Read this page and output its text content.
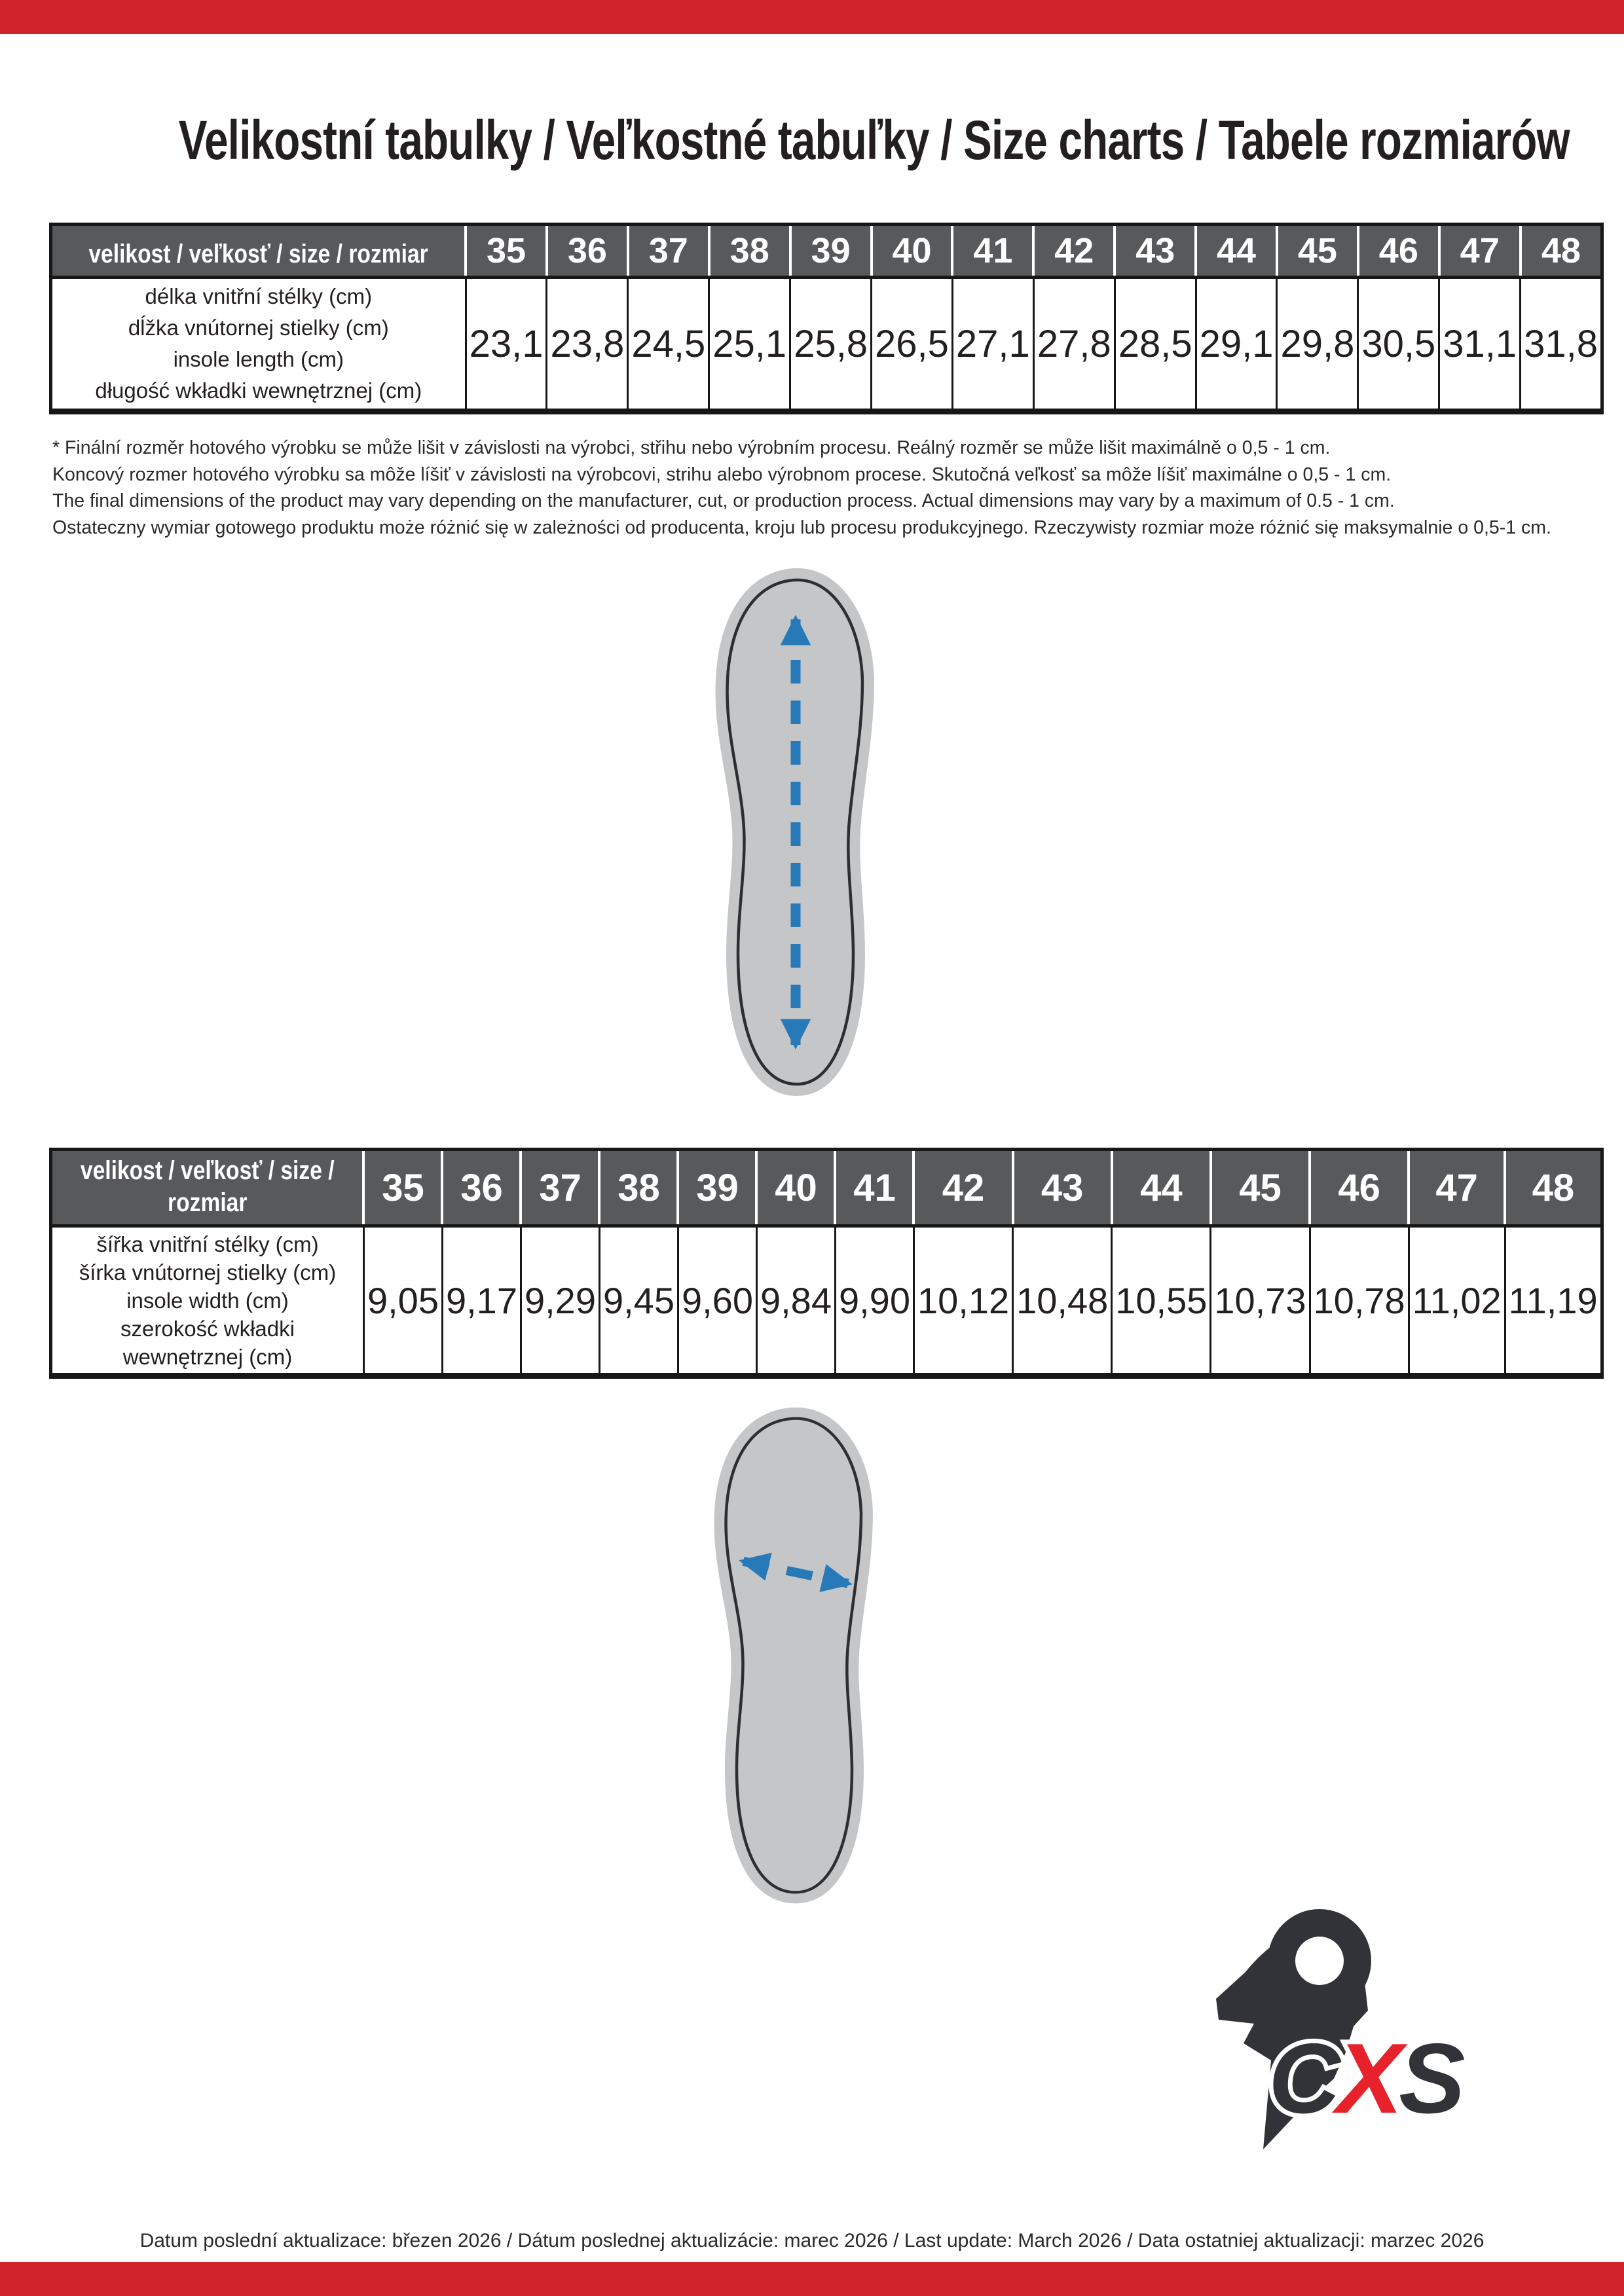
Velikostní tabulky / Veľkostné tabuľky / Size charts / Tabele rozmiarów
velikost / veľkosť / size / rozmiar	35	36	37	38	39	40	41	42	43	44	45	46	47	48

délka vnitřní stélky (cm)
dĺžka vnútornej stielky (cm)
insole length (cm)
długość wkładki wewnętrznej (cm)	23,1	23,8	24,5	25,1	25,8	26,5	27,1	27,8	28,5	29,1	29,8	30,5	31,1	31,8
* Finální rozměr hotového výrobku se může lišit v závislosti na výrobci, střihu nebo výrobním procesu. Reálný rozměr se může lišit maximálně o 0,5 - 1 cm.
Koncový rozmer hotového výrobku sa môže líšiť v závislosti na výrobcovi, strihu alebo výrobnom procese. Skutočná veľkosť sa môže líšiť maximálne o 0,5 - 1 cm.
The final dimensions of the product may vary depending on the manufacturer, cut, or production process. Actual dimensions may vary by a maximum of 0.5 - 1 cm.
Ostateczny wymiar gotowego produktu może różnić się w zależności od producenta, kroju lub procesu produkcyjnego. Rzeczywisty rozmiar może różnić się maksymalnie o 0,5-1 cm.
velikost / veľkosť / size /
rozmiar	35	36	37	38	39	40	41	42	43	44	45	46	47	48

šířka vnitřní stélky (cm)
šírka vnútornej stielky (cm)
insole width (cm)
szerokość wkładki
wewnętrznej (cm)	9,05	9,17	9,29	9,45	9,60	9,84	9,90	10,12	10,48	10,55	10,73	10,78	11,02	11,19
CXS
Datum poslední aktualizace: březen 2026 / Dátum poslednej aktualizácie: marec 2026 / Last update: March 2026 / Data ostatniej aktualizacji: marzec 2026
